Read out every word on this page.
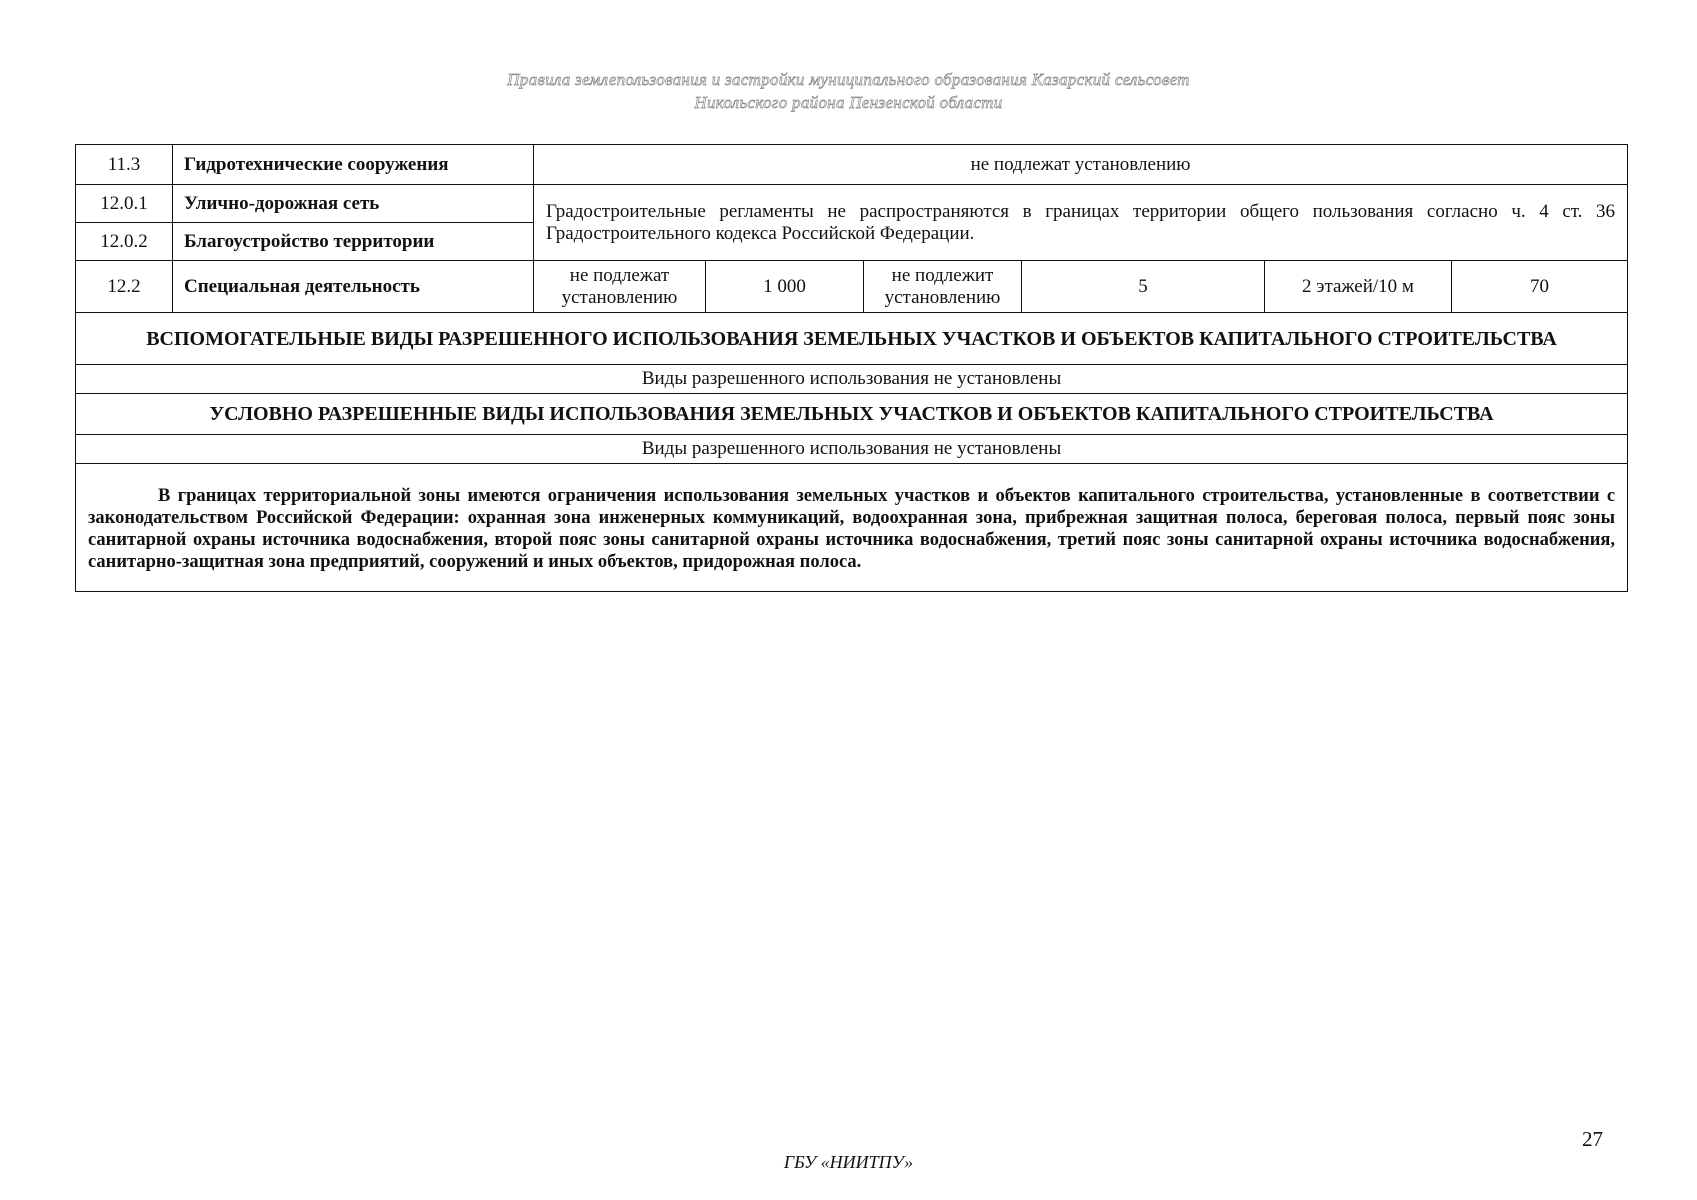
Правила землепользования и застройки муниципального образования Казарский сельсовет
Никольского района Пензенской области
11.3	Гидротехнические сооружения	не подлежат установлению					
12.0.1	Улично-дорожная сеть	Градостроительные регламенты не распространяются в границах территории общего пользования согласно ч. 4 ст. 36 Градостроительного кодекса Российской Федерации.					
12.0.2	Благоустройство территории						
12.2	Специальная деятельность	не подлежат установлению	1 000	не подлежит установлению	5	2 этажей/10 м	70
ВСПОМОГАТЕЛЬНЫЕ ВИДЫ РАЗРЕШЕННОГО ИСПОЛЬЗОВАНИЯ ЗЕМЕЛЬНЫХ УЧАСТКОВ И ОБЪЕКТОВ КАПИТАЛЬНОГО СТРОИТЕЛЬСТВА							
Виды разрешенного использования не установлены							
УСЛОВНО РАЗРЕШЕННЫЕ ВИДЫ ИСПОЛЬЗОВАНИЯ ЗЕМЕЛЬНЫХ УЧАСТКОВ И ОБЪЕКТОВ КАПИТАЛЬНОГО СТРОИТЕЛЬСТВА							
Виды разрешенного использования не установлены							
В границах территориальной зоны имеются ограничения использования земельных участков и объектов капитального строительства, установленные в соответствии с законодательством Российской Федерации: охранная зона инженерных коммуникаций, водоохранная зона, прибрежная защитная полоса, береговая полоса, первый пояс зоны санитарной охраны источника водоснабжения, второй пояс зоны санитарной охраны источника водоснабжения, третий пояс зоны санитарной охраны источника водоснабжения, санитарно-защитная зона предприятий, сооружений и иных объектов, придорожная полоса.							
27
ГБУ «НИИТПУ»
